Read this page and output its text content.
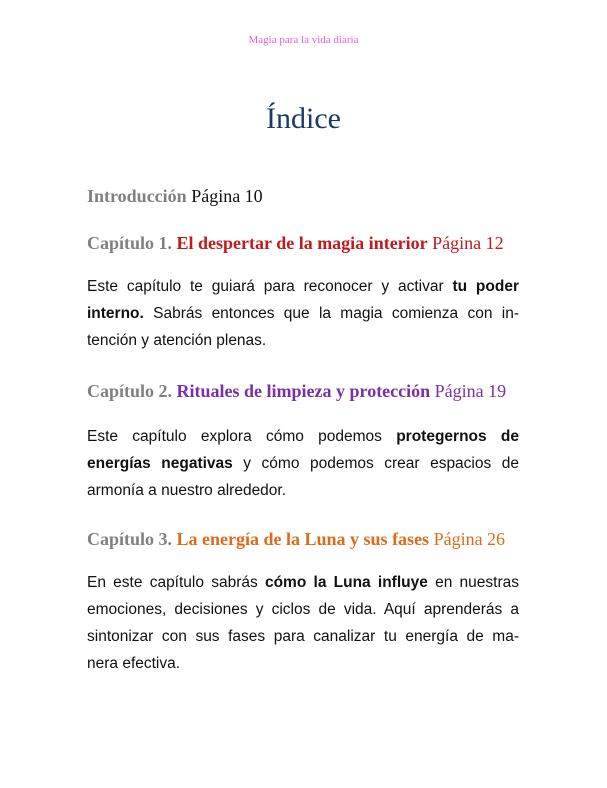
Magia para la vida diaria
Índice
Introducción Página 10
Capítulo 1. El despertar de la magia interior Página 12
Este capítulo te guiará para reconocer y activar tu poder
interno. Sabrás entonces que la magia comienza con in-
tención y atención plenas.
Capítulo 2. Rituales de limpieza y protección Página 19
Este capítulo explora cómo podemos protegernos de
energías negativas y cómo podemos crear espacios de
armonía a nuestro alrededor.
Capítulo 3. La energía de la Luna y sus fases Página 26
En este capítulo sabrás cómo la Luna influye en nuestras
emociones, decisiones y ciclos de vida. Aquí aprenderás a
sintonizar con sus fases para canalizar tu energía de ma-
nera efectiva.
